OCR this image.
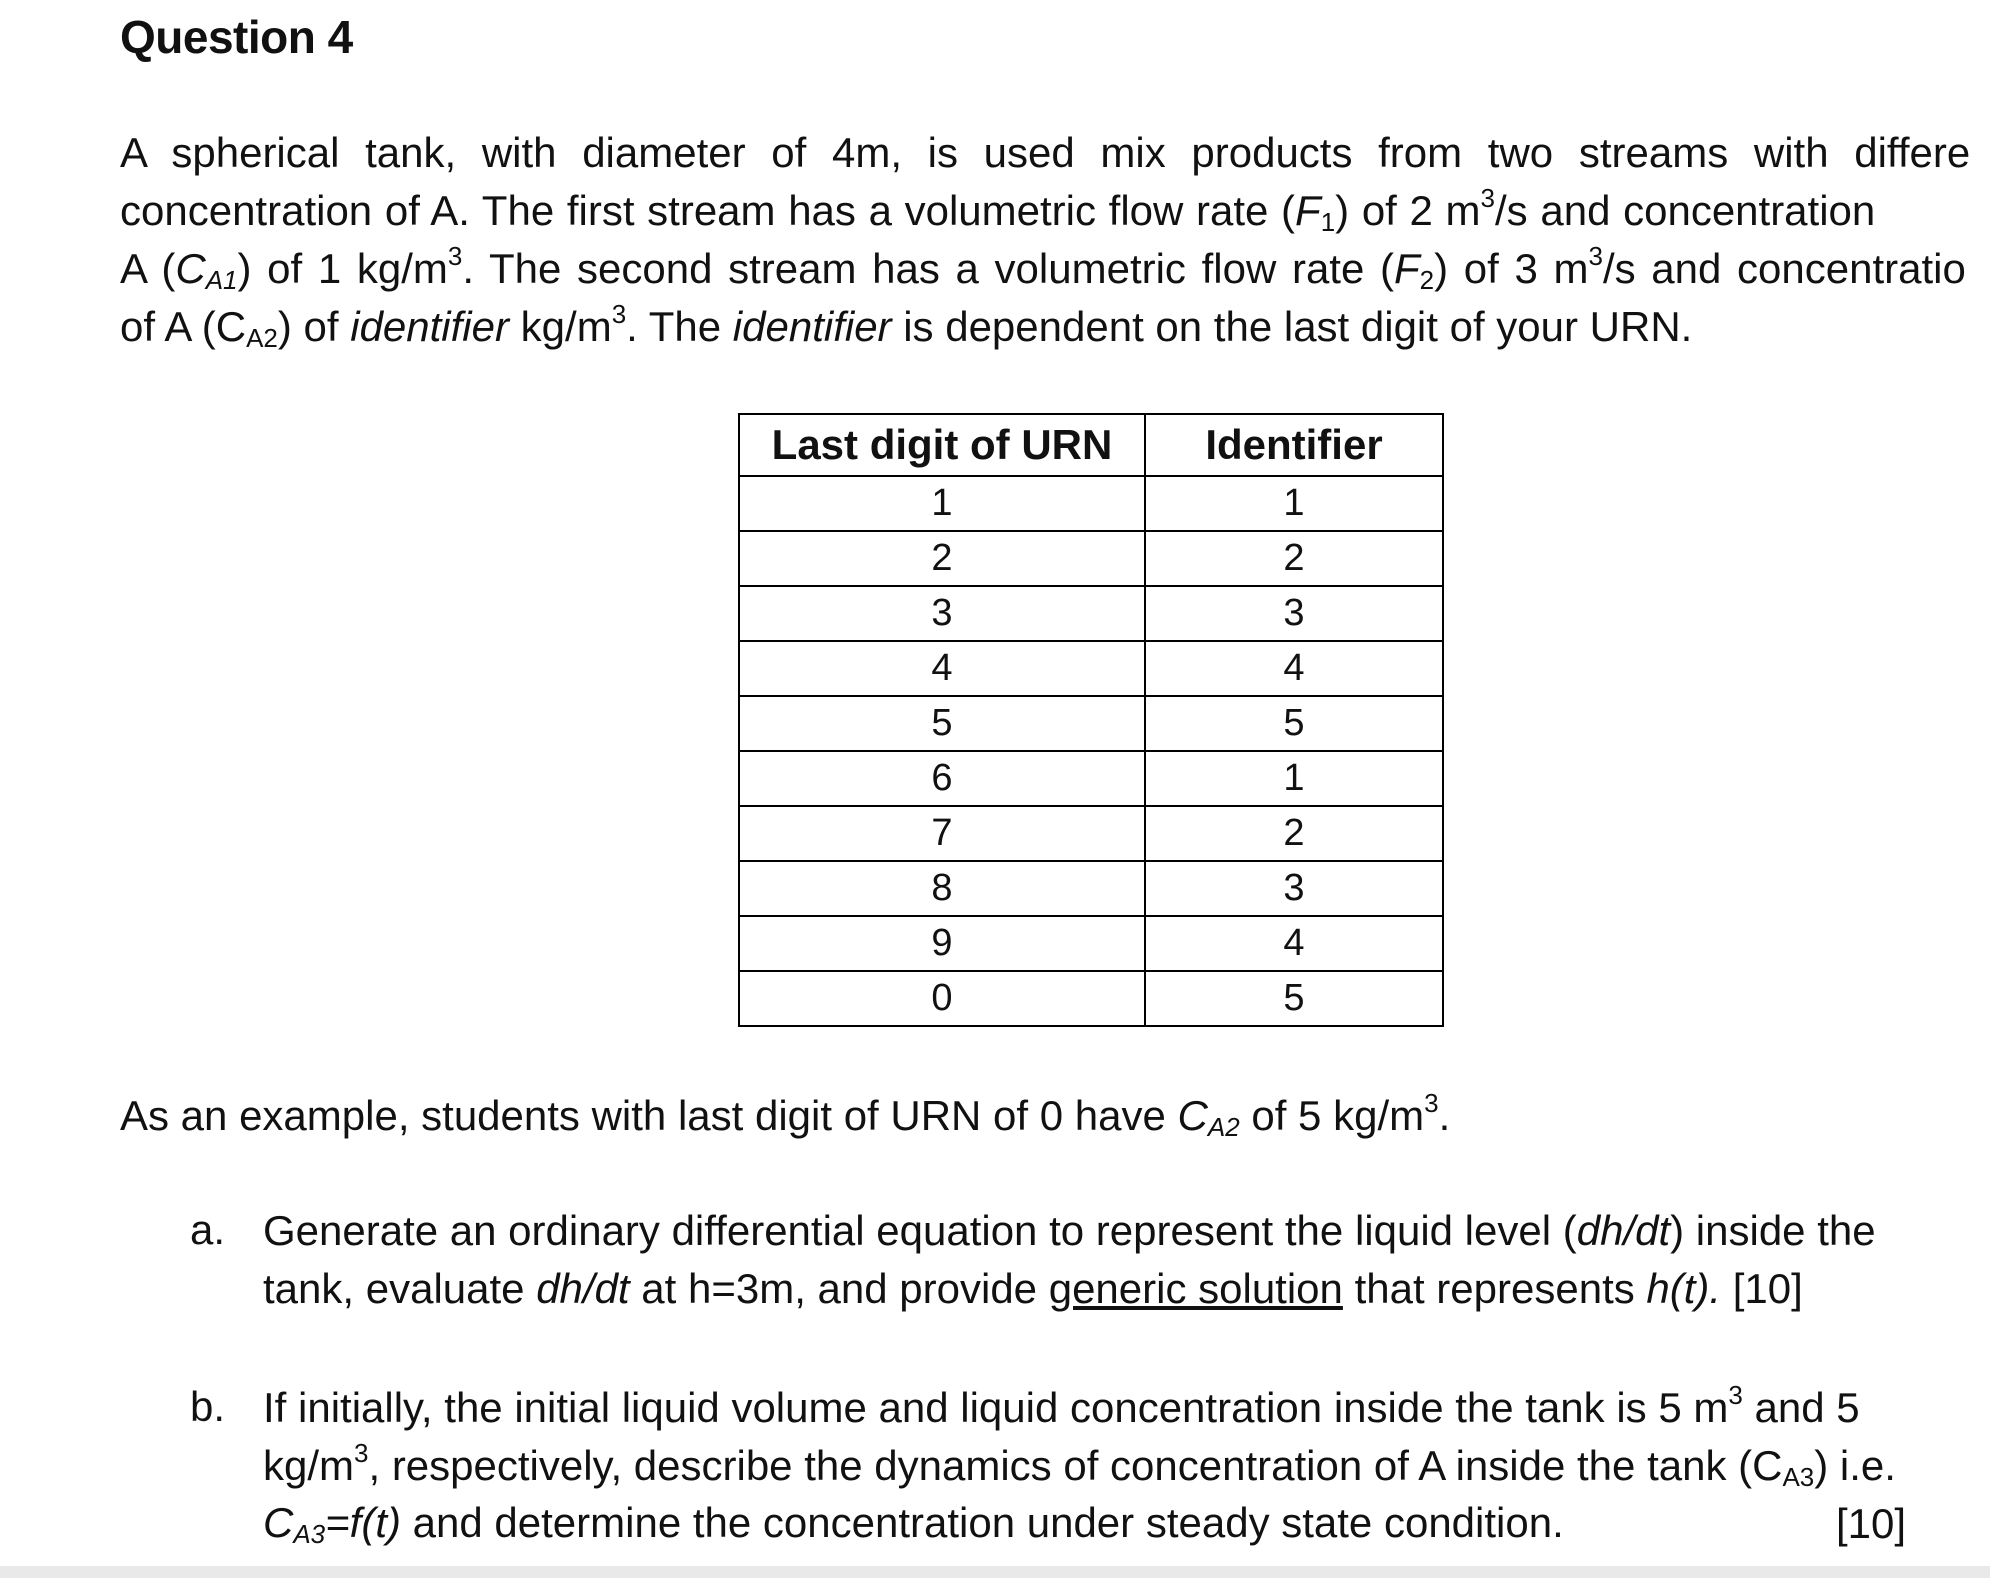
Question 4
A spherical tank, with diameter of 4m, is used mix products from two streams with differe
concentration of A. The first stream has a volumetric flow rate $(F_1)$ of 2 $m^3/s$ and concentration
A $(C_{A1})$ of 1 $kg/m^3$. The second stream has a volumetric flow rate $(F_2)$ of 3 $m^3/s$ and concentratio
of A $(C_{A2})$ of identifier $kg/m^3$. The identifier is dependent on the last digit of your URN.
Last digit of URN	Identifier
1	1
2	2
3	3
4	4
5	5
6	1
7	2
8	3
9	4
0	5
As an example, students with last digit of URN of 0 have $C_{A2}$ of 5 $kg/m^3$.
a. Generate an ordinary differential equation to represent the liquid level (dh/dt) inside the
tank, evaluate dh/dt at h=3m, and provide generic solution that represents h(t). [10]
b. If initially, the initial liquid volume and liquid concentration inside the tank is 5 $m^3$ and 5
$kg/m^3$, respectively, describe the dynamics of concentration of A inside the tank $(C_{A3})$ i.e.
$C_{A3}=f(t)$ and determine the concentration under steady state condition.	[10]
